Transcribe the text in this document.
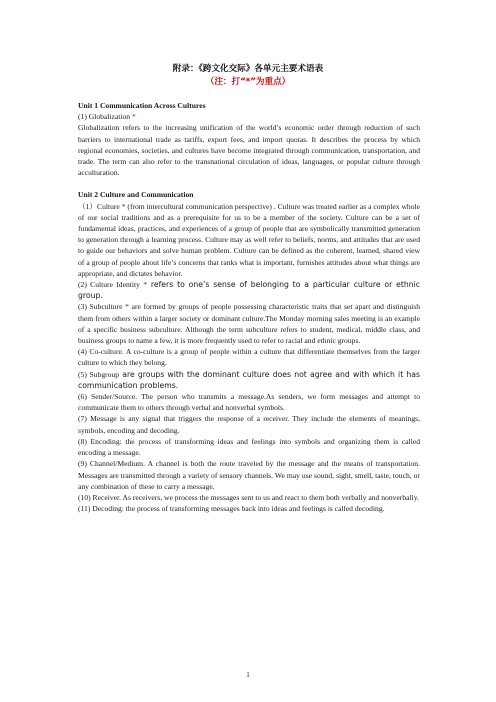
附录：《跨文化交际》各单元主要术语表
（注：打“*”为重点）

Unit 1 Communication Across Cultures

(1) Globalization *

Globalization refers to the increasing unification of the world’s economic order through reduction of such barriers to international trade as tariffs, export fees, and import quotas. It describes the process by which regional economies, societies, and cultures have become integrated through communication, transportation, and trade. The term can also refer to the transnational circulation of ideas, languages, or popular culture through acculturation.

Unit 2 Culture and Communication

（1）Culture * (from intercultural communication perspective) . Culture was treated earlier as a complex whole of our social traditions and as a prerequisite for us to be a member of the society. Culture can be a set of fundamental ideas, practices, and experiences of a group of people that are symbolically transmitted generation to generation through a learning process. Culture may as well refer to beliefs, norms, and attitudes that are used to guide our behaviors and solve human problem. Culture can be defined as the coherent, learned, shared view of a group of people about life’s concerns that ranks what is important, furnishes attitudes about what things are appropriate, and dictates behavior.

(2) Culture Identity * refers to one’s sense of belonging to a particular culture or ethnic group.

(3) Subculture * are formed by groups of people possessing characteristic traits that set apart and distinguish them from others within a larger society or dominant culture.The Monday morning sales meeting is an example of a specific business subculture. Although the term subculture refers to student, medical, middle class, and business groups to name a few, it is more frequently used to refer to racial and ethnic groups.

(4) Co-culture. A co-culture is a group of people within a culture that differentiate themselves from the larger culture to which they belong.

(5) Subgroup are groups with the dominant culture does not agree and with which it has communication problems.

(6) Sender/Source. The person who transmits a message.As senders, we form messages and attempt to communicate them to others through verbal and nonverbal symbols.

(7) Message is any signal that triggers the response of a receiver. They include the elements of meanings, symbols, encoding and decoding.

(8) Encoding: the process of transforming ideas and feelings into symbols and organizing them is called encoding a message.

(9) Channel/Medium. A channel is both the route traveled by the message and the means of transportation. Messages are transmitted through a variety of sensory channels. We may use sound, sight, smell, taste, touch, or any combination of these to carry a message.

(10) Receiver. As receivers, we process the messages sent to us and react to them both verbally and nonverbally.

(11) Decoding: the process of transforming messages back into ideas and feelings is called decoding.

1
